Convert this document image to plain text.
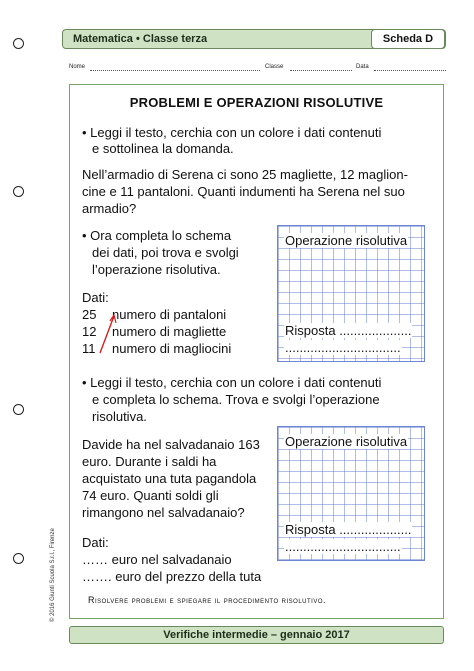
Matematica • Classe terza	Scheda D
Nome	Classe	Data
PROBLEMI E OPERAZIONI RISOLUTIVE
• Leggi il testo, cerchia con un colore i dati contenuti
e sottolinea la domanda.
Nell’armadio di Serena ci sono 25 magliette, 12 maglion-
cine e 11 pantaloni. Quanti indumenti ha Serena nel suo
armadio?
• Ora completa lo schema
dei dati, poi trova e svolgi
l’operazione risolutiva.
Dati:
25 numero di pantaloni
12 numero di magliette
11 numero di magliocini
Operazione risolutiva
Risposta ....................
................................
• Leggi il testo, cerchia con un colore i dati contenuti
e completa lo schema. Trova e svolgi l’operazione
risolutiva.
Davide ha nel salvadanaio 163
euro. Durante i saldi ha
acquistato una tuta pagandola
74 euro. Quanti soldi gli
rimangono nel salvadanaio?
Dati:
…… euro nel salvadanaio
……. euro del prezzo della tuta
Operazione risolutiva
Risposta ....................
................................
Risolvere problemi e spiegare il procedimento risolutivo.
Verifiche intermedie – gennaio 2017
© 2016 Giunti Scuola S.r.l., Firenze
